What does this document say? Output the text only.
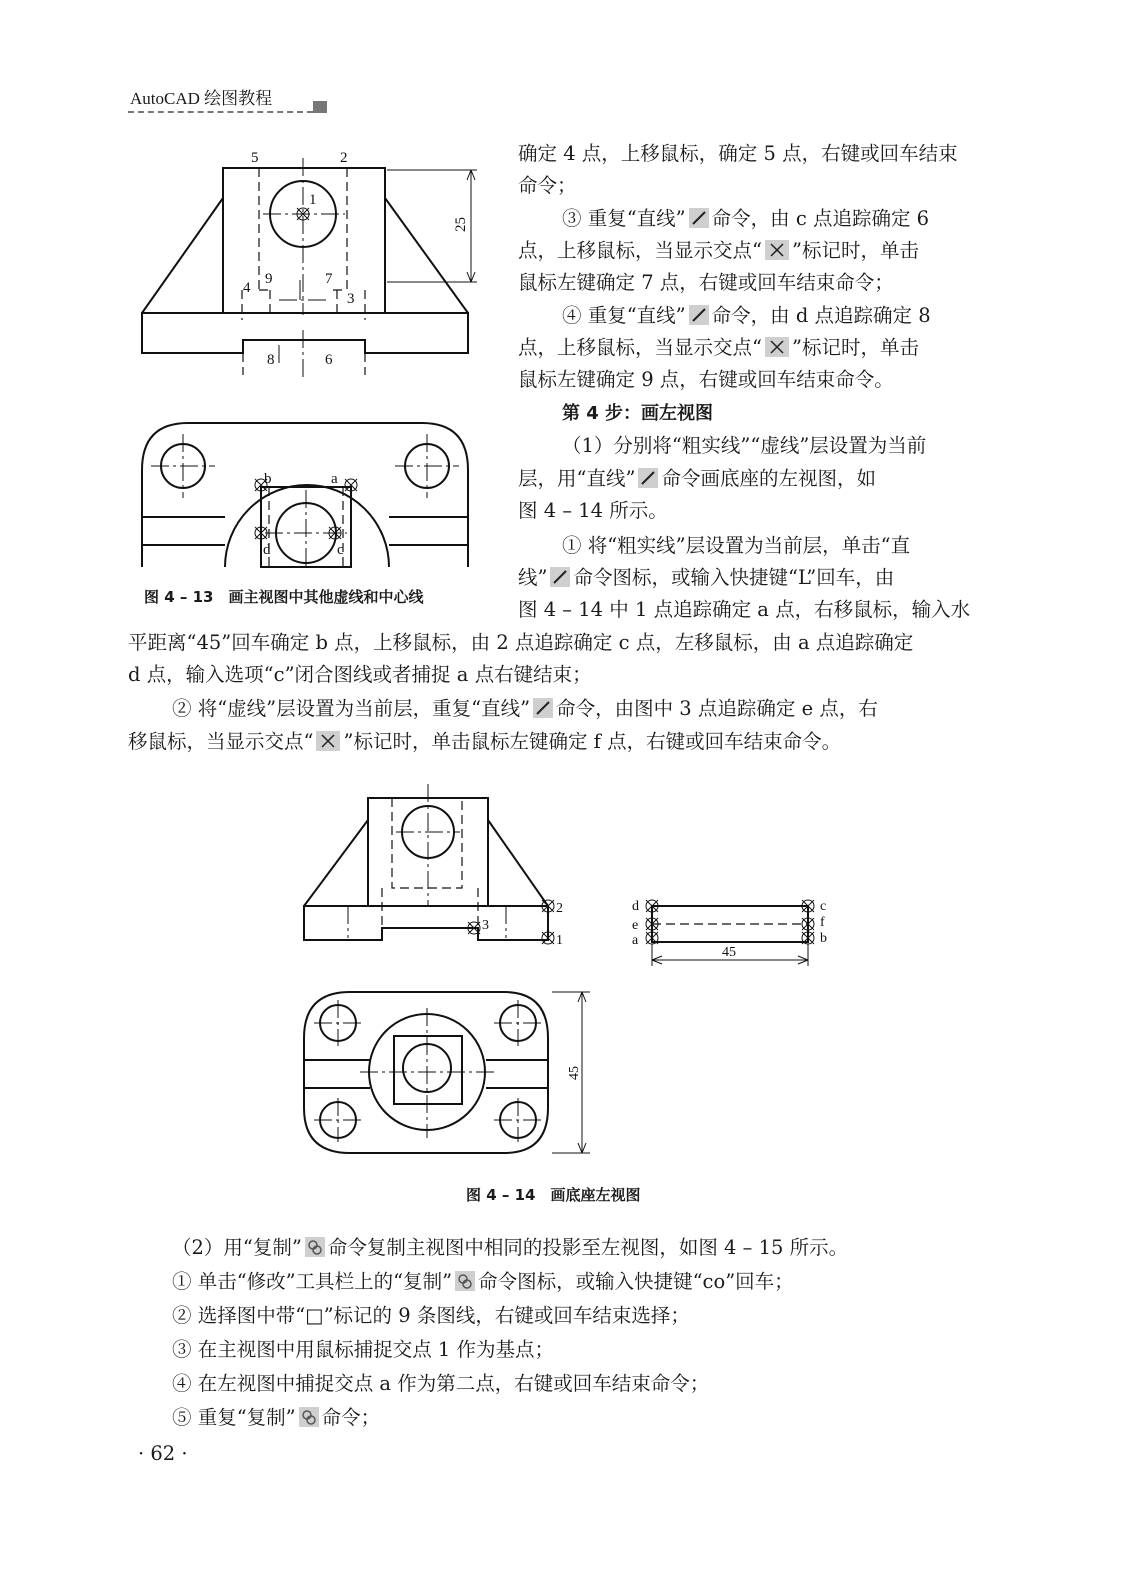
AutoCAD 绘图教程
5	2
1
25
9	7
4
3
8	6
b	a
d	c
图 4 – 13　画主视图中其他虚线和中心线
确定 4 点，上移鼠标，确定 5 点，右键或回车结束
命令；
③ 重复“直线” 命令，由 c 点追踪确定 6
点，上移鼠标，当显示交点“ ”标记时，单击
鼠标左键确定 7 点，右键或回车结束命令；
④ 重复“直线” 命令，由 d 点追踪确定 8
点，上移鼠标，当显示交点“ ”标记时，单击
鼠标左键确定 9 点，右键或回车结束命令。
第 4 步：画左视图
（1）分别将“粗实线”“虚线”层设置为当前
层，用“直线” 命令画底座的左视图，如
图 4 – 14 所示。
① 将“粗实线”层设置为当前层，单击“直
线” 命令图标，或输入快捷键“L”回车，由
图 4 – 14 中 1 点追踪确定 a 点，右移鼠标，输入水
平距离“45”回车确定 b 点，上移鼠标，由 2 点追踪确定 c 点，左移鼠标，由 a 点追踪确定
d 点，输入选项“c”闭合图线或者捕捉 a 点右键结束；
② 将“虚线”层设置为当前层，重复“直线” 命令，由图中 3 点追踪确定 e 点，右
移鼠标，当显示交点“ ”标记时，单击鼠标左键确定 f 点，右键或回车结束命令。
2
3
1
d
e
a
c
f
b
45
45
图 4 – 14　画底座左视图
（2）用“复制” 命令复制主视图中相同的投影至左视图，如图 4 – 15 所示。
① 单击“修改”工具栏上的“复制” 命令图标，或输入快捷键“co”回车；
② 选择图中带“□”标记的 9 条图线，右键或回车结束选择；
③ 在主视图中用鼠标捕捉交点 1 作为基点；
④ 在左视图中捕捉交点 a 作为第二点，右键或回车结束命令；
⑤ 重复“复制” 命令；
· 62 ·
